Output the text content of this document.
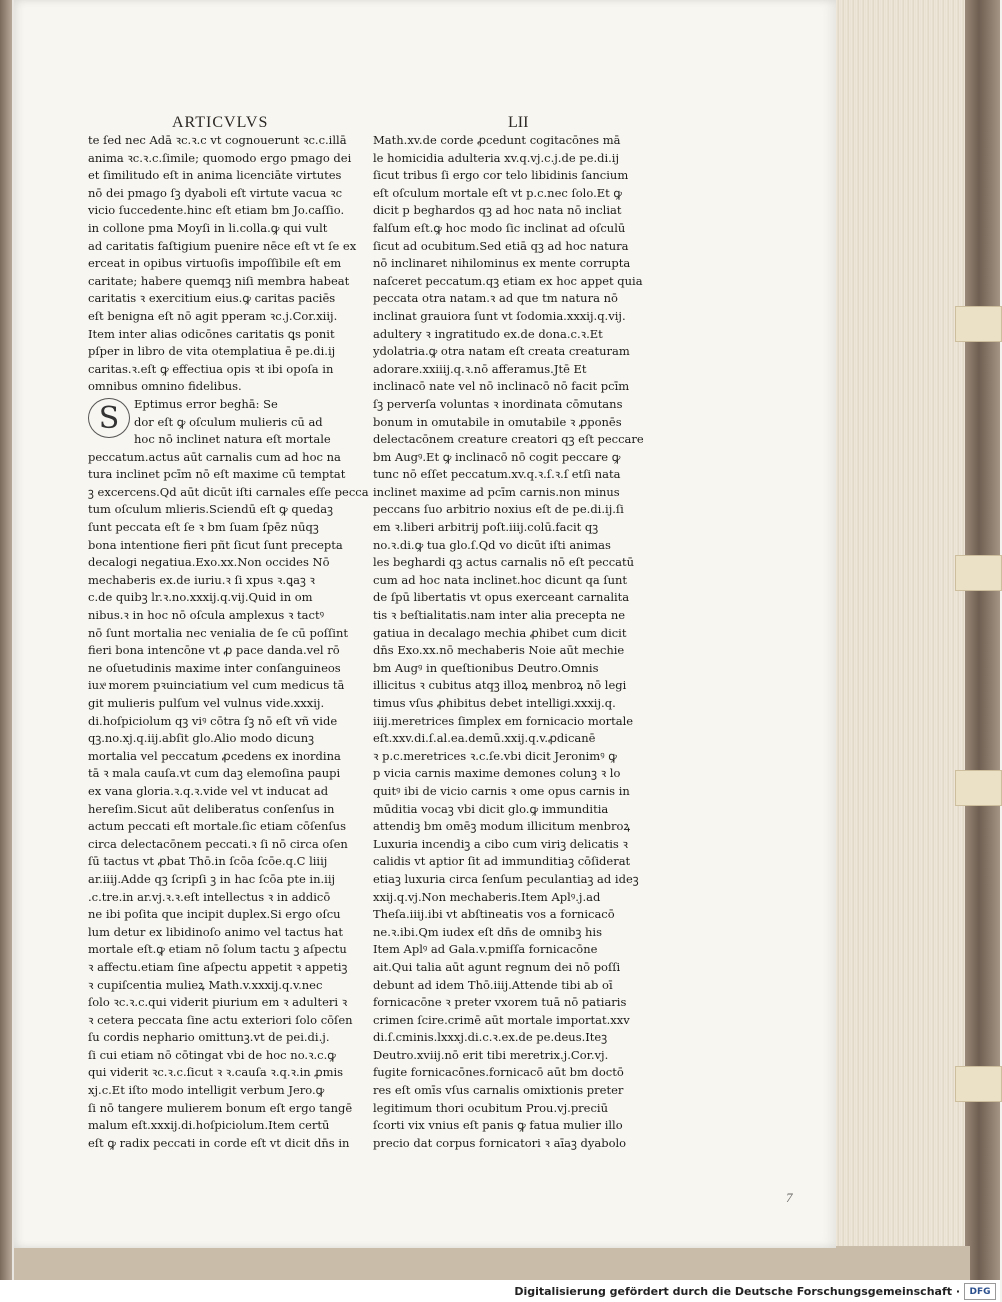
ARTICVLVS	LII
te ſed nec Adā ꝛc.ꝛ.c vt cognouerunt ꝛc.c.illā
anima ꝛc.ꝛ.c.ſimile; quomodo ergo pmago dei
et ſimilitudo eſt in anima licenciāte virtutes
nō dei pmago ſꝫ dyaboli eſt virtute vacua ꝛc
vicio ſuccedente.hinc eſt etiam bm Jo.caſſio.
in collone pma Moyſi in li.colla.ꝙ qui vult
ad caritatis faſtigium puenire nēce eſt vt ſe ex
erceat in opibus virtuoſis impoſſibile eſt em
caritate; habere quemqꝫ niſi membra habeat
caritatis ꝛ exercitium eius.ꝙ caritas paciēs
eſt benigna eſt nō agit pperam ꝛc.j.Cor.xiij.
Item inter alias odicōnes caritatis ꝗs ponit
pſper in libro de vita otemplatiua ē pe.di.ij
caritas.ꝛ.eſt ꝙ effectiua opis ꝛt ibi opoſa in
omnibus omnino fidelibus.
Eptimus error beghā: Se
dor eſt ꝙ oſculum mulieris cū ad
hoc nō inclinet natura eſt mortale
peccatum.actus aūt carnalis cum ad hoc na
tura inclinet pcīm nō eſt maxime cū temptat
ꝫ excercens.Qd aūt dicūt iſti carnales eſſe pecca
tum oſculum mlieris.Sciendū eſt ꝙ quedaꝫ
ſunt peccata eſt ſe ꝛ bm ſuam ſpēz nūqꝫ
bona intentione fieri pñt ſicut ſunt precepta
decalogi negatiua.Exo.xx.Non occides Nō
mechaberis ex.de iuriu.ꝛ ſi xpus ꝛ.ꝗaꝫ ꝛ
c.de quibꝫ lr.ꝛ.no.xxxij.q.vij.Quid in om
nibus.ꝛ in hoc nō oſcula amplexus ꝛ tactꝰ
nō ſunt mortalia nec venialia de ſe cū poſſint
fieri bona intencōne vt ꝓ pace danda.vel rō
ne oſuetudinis maxime inter conſanguineos
iuxͣ morem pꝛuinciatium vel cum medicus tā
git mulieris pulſum vel vulnus vide.xxxij.
di.hoſpiciolum qꝫ viꝰ cōtra ſꝫ nō eſt vñ vide
qꝫ.no.xj.q.iij.abſit glo.Alio modo dicunꝫ
mortalia vel peccatum ꝓcedens ex inordina
tā ꝛ mala cauſa.vt cum daꝫ elemoſina paupi
ex vana gloria.ꝛ.q.ꝛ.vide vel vt inducat ad
hereſim.Sicut aūt deliberatus conſenſus in
actum peccati eſt mortale.ſic etiam cōſenſus
circa delectacōnem peccati.ꝛ ſi nō circa oſen
ſū tactus vt ꝓbat Thō.in ſcōa ſcōe.q.C liiij
ar.iiij.Adde qꝫ ſcripſi ꝫ in hac ſcōa pte in.iij
.c.tre.in ar.vj.ꝛ.ꝛ.eſt intellectus ꝛ in addicō
ne ibi poſita que incipit duplex.Si ergo oſcu
lum detur ex libidinoſo animo vel tactus hat
mortale eſt.ꝙ etiam nō ſolum tactu ꝫ aſpectu
ꝛ affectu.etiam ſine aſpectu appetit ꝛ appetiꝫ
ꝛ cupiſcentia mulieꝝ Math.v.xxxij.q.v.nec
ſolo ꝛc.ꝛ.c.qui viderit piurium em ꝛ adulteri ꝛ
ꝛ cetera peccata ſine actu exteriori ſolo cōſen
ſu cordis nephario omittunꝫ.vt de pei.di.j.
ſi cui etiam nō cōtingat vbi de hoc no.ꝛ.c.ꝙ
qui viderit ꝛc.ꝛ.c.ſicut ꝛ ꝛ.cauſa ꝛ.q.ꝛ.in ꝓmis
xj.c.Et iſto modo intelligit verbum Jero.ꝙ
ſi nō tangere mulierem bonum eſt ergo tangē
malum eſt.xxxij.di.hoſpiciolum.Item certū
eſt ꝙ radix peccati in corde eſt vt dicit dn̄s in
Math.xv.de corde ꝓcedunt cogitacōnes mā
le homicidia adulteria xv.q.vj.c.j.de pe.di.ij
ſicut tribus ſi ergo cor telo libidinis ſancium
eſt oſculum mortale eſt vt p.c.nec ſolo.Et ꝙ
dicit p beghardos qꝫ ad hoc nata nō incliat
falſum eſt.ꝙ hoc modo ſic inclinat ad oſculū
ſicut ad ocubitum.Sed etiā qꝫ ad hoc natura
nō inclinaret nihilominus ex mente corrupta
naſceret peccatum.qꝫ etiam ex hoc appet quia
peccata otra natam.ꝛ ad que tm natura nō
inclinat grauiora ſunt vt ſodomia.xxxij.q.vij.
adultery ꝛ ingratitudo ex.de dona.c.ꝛ.Et
ydolatria.ꝙ otra natam eſt creata creaturam
adorare.xxiiij.q.ꝛ.nō afferamus.Jtē Et
inclinacō nate vel nō inclinacō nō facit pcīm
ſꝫ perverſa voluntas ꝛ inordinata cōmutans
bonum in omutabile in omutabile ꝛ ꝓponēs
delectacōnem creature creatori qꝫ eſt peccare
bm Augꝰ.Et ꝙ inclinacō nō cogit peccare ꝙ
tunc nō eſſet peccatum.xv.q.ꝛ.ſ.ꝛ.ſ etſi nata
inclinet maxime ad pcīm carnis.non minus
peccans ſuo arbitrio noxius eſt de pe.di.ij.ſi
em ꝛ.liberi arbitrij poſt.iiij.colū.facit qꝫ
no.ꝛ.di.ꝙ tua glo.ſ.Qd vo dicūt iſti animas
les beghardi qꝫ actus carnalis nō eſt peccatū
cum ad hoc nata inclinet.hoc dicunt qa ſunt
de ſpū libertatis vt opus exerceant carnalita
tis ꝛ beſtialitatis.nam inter alia precepta ne
gatiua in decalago mechia ꝓhibet cum dicit
dn̄s Exo.xx.nō mechaberis Noie aūt mechie
bm Augꝰ in queſtionibus Deutro.Omnis
illicitus ꝛ cubitus atqꝫ illoꝝ menbroꝝ nō legi
timus vſus ꝓhibitus debet intelligi.xxxij.q.
iiij.meretrices ſimplex em fornicacio mortale
eſt.xxv.di.ſ.al.ea.demū.xxij.q.v.ꝓdicanē
ꝛ p.c.meretrices ꝛ.c.ſe.vbi dicit Jeronimꝰ ꝙ
p vicia carnis maxime demones colunꝫ ꝛ lo
quitꝰ ibi de vicio carnis ꝛ ome opus carnis in
mūditia vocaꝫ vbi dicit glo.ꝙ immunditia
attendiꝫ bm omēꝫ modum illicitum menbroꝝ
Luxuria incendiꝫ a cibo cum viriꝫ delicatis ꝛ
calidis vt aptior ſit ad immunditiaꝫ cōſiderat
etiaꝫ luxuria circa ſenſum peculantiaꝫ ad ideꝫ
xxij.q.vj.Non mechaberis.Item Aplꝰ.j.ad
Theſa.iiij.ibi vt abſtineatis vos a fornicacō
ne.ꝛ.ibi.Qm iudex eſt dn̄s de omnibꝫ his
Item Aplꝰ ad Gala.v.pmiſſa fornicacōne
ait.Qui talia aūt agunt regnum dei nō poſſi
debunt ad idem Thō.iiij.Attende tibi ab oī
fornicacōne ꝛ preter vxorem tuā nō patiaris
crimen ſcire.crimē aūt mortale importat.xxv
di.ſ.cminis.lxxxj.di.c.ꝛ.ex.de pe.deus.Iteꝫ
Deutro.xviij.nō erit tibi meretrix.j.Cor.vj.
fugite fornicacōnes.fornicacō aūt bm doctō
res eſt omīs vſus carnalis omixtionis preter
legitimum thori ocubitum Prou.vj.preciū
ſcorti vix vnius eſt panis ꝙ fatua mulier illo
precio dat corpus fornicatori ꝛ aīaꝫ dyabolo
7
S
Digitalisierung gefördert durch die Deutsche Forschungsgemeinschaft ·	DFG
